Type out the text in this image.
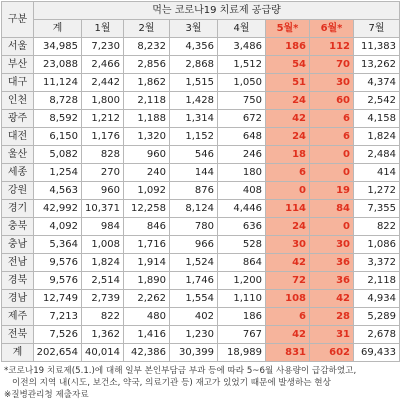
구분	먹는 코로나19 치료제 공급량							
	계	1월	2월	3월	4월	5월*	6월*	7월
서울	34,985	7,230	8,232	4,356	3,486	186	112	11,383
부산	23,088	2,466	2,856	2,868	1,512	54	70	13,262
대구	11,124	2,442	1,862	1,515	1,050	51	30	4,374
인천	8,728	1,800	2,118	1,428	750	24	60	2,542
광주	8,592	1,212	1,188	1,314	672	42	6	4,158
대전	6,150	1,176	1,320	1,152	648	24	6	1,824
울산	5,082	828	960	546	246	18	0	2,484
세종	1,254	270	240	144	180	6	0	414
강원	4,563	960	1,092	876	408	0	19	1,272
경기	42,992	10,371	12,258	8,124	4,446	114	84	7,355
충북	4,092	984	846	780	636	24	0	822
충남	5,364	1,008	1,716	966	528	30	30	1,086
전남	9,576	1,824	1,914	1,524	864	42	36	3,372
경북	9,576	2,514	1,890	1,746	1,200	72	36	2,118
경남	12,749	2,739	2,262	1,554	1,110	108	42	4,934
제주	7,213	822	480	402	186	6	28	5,289
전북	7,526	1,362	1,416	1,230	767	42	31	2,678
계	202,654	40,014	42,386	30,399	18,989	831	602	69,433
*코로나19 치료제(5.1.)에 대해 일부 본인부담금 부과 등에 따라 5~6월 사용량이 급감하였고,
이전의 지역 내(시도, 보건소, 약국, 의료기관 등) 재고가 있었기 때문에 발생하는 현상
※질병관리청 제출자료
